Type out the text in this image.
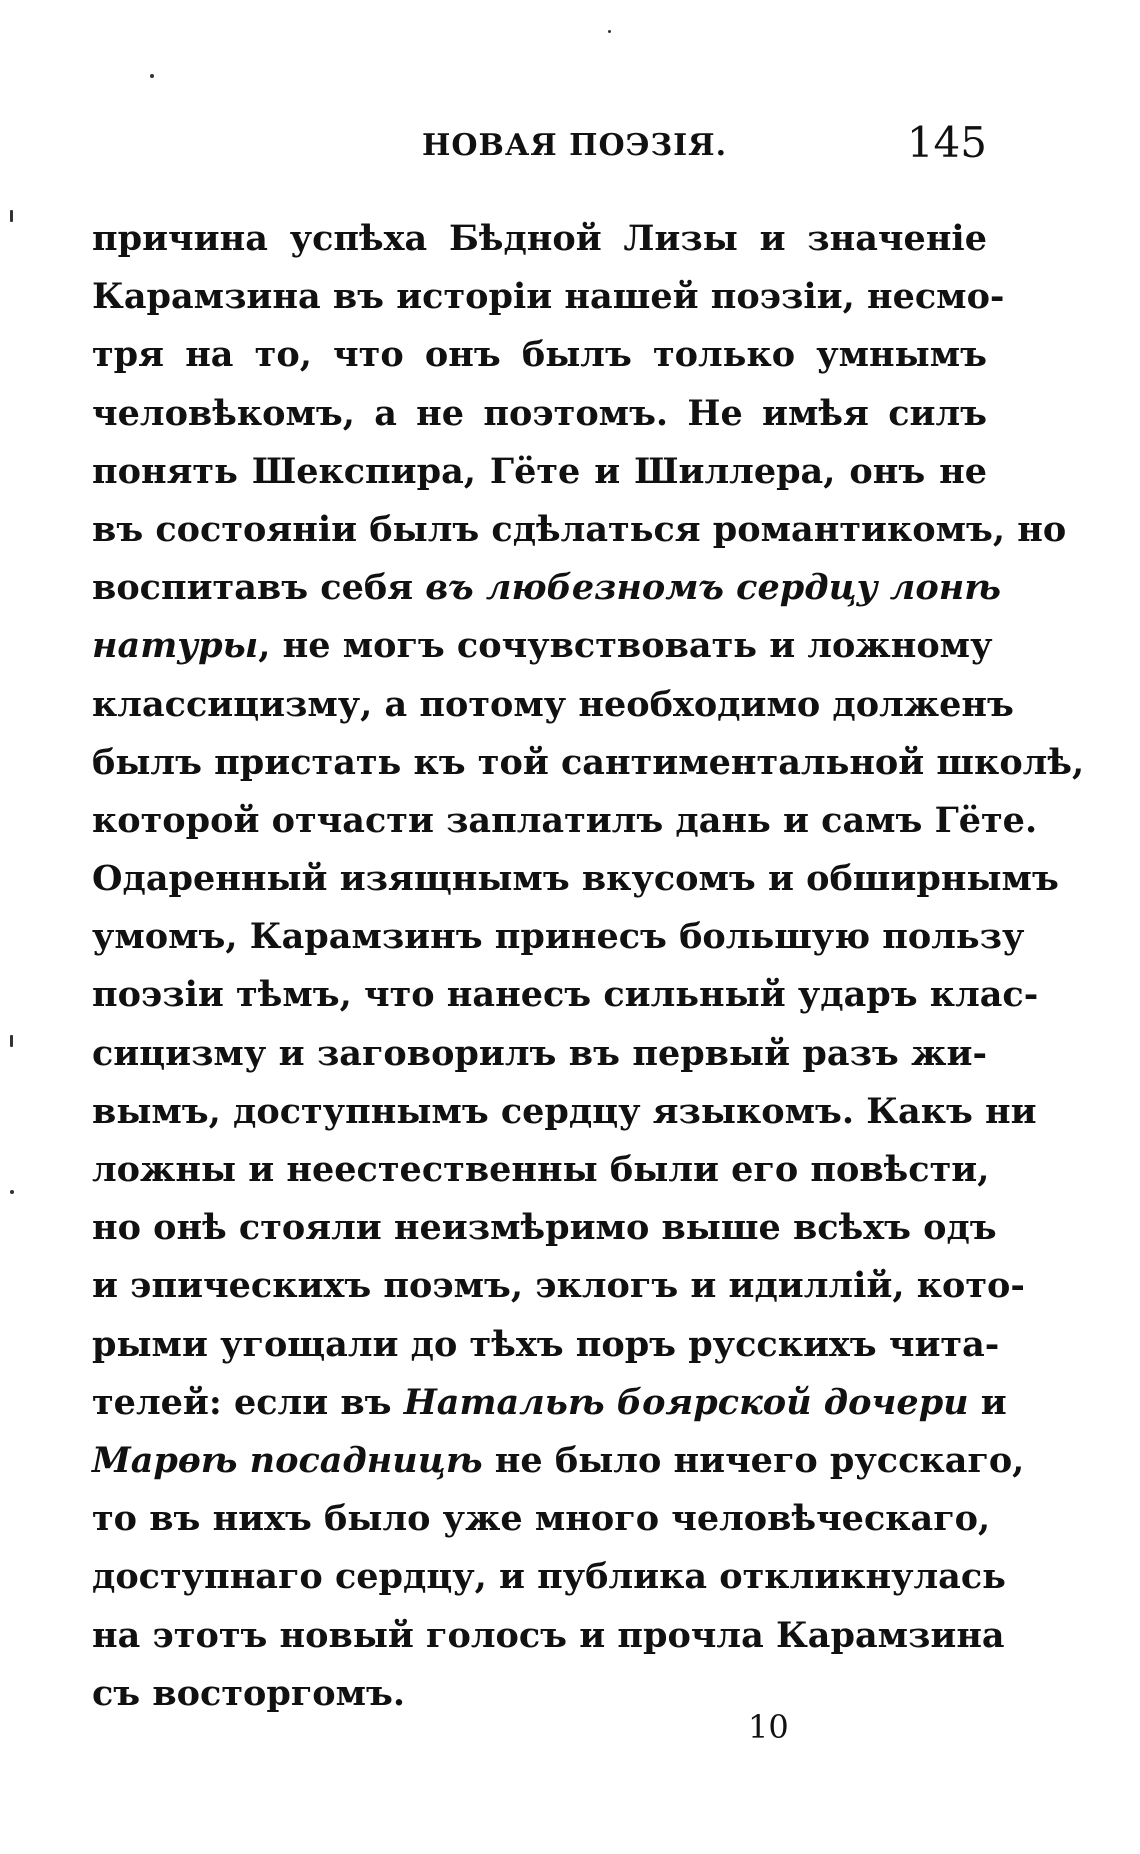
НОВАЯ ПОЭЗІЯ.	145
причина успѣха Бѣдной Лизы и значеніе
Карамзина въ исторіи нашей поэзіи, несмо-
тря на то, что онъ былъ только умнымъ
человѣкомъ, а не поэтомъ. Не имѣя силъ
понять Шекспира, Гёте и Шиллера, онъ не
въ состояніи былъ сдѣлаться романтикомъ, но
воспитавъ себя въ любезномъ сердцу лонѣ
натуры, не могъ сочувствовать и ложному
классицизму, а потому необходимо долженъ
былъ пристать къ той сантиментальной школѣ,
которой отчасти заплатилъ дань и самъ Гёте.
Одаренный изящнымъ вкусомъ и обширнымъ
умомъ, Карамзинъ принесъ большую пользу
поэзіи тѣмъ, что нанесъ сильный ударъ клас-
сицизму и заговорилъ въ первый разъ жи-
вымъ, доступнымъ сердцу языкомъ. Какъ ни
ложны и неестественны были его повѣсти,
но онѣ стояли неизмѣримо выше всѣхъ одъ
и эпическихъ поэмъ, эклогъ и идиллій, кото-
рыми угощали до тѣхъ поръ русскихъ чита-
телей: если въ Натальѣ боярской дочери и
Марѳѣ посадницѣ не было ничего русскаго,
то въ нихъ было уже много человѣческаго,
доступнаго сердцу, и публика откликнулась
на этотъ новый голосъ и прочла Карамзина
съ восторгомъ.
10
